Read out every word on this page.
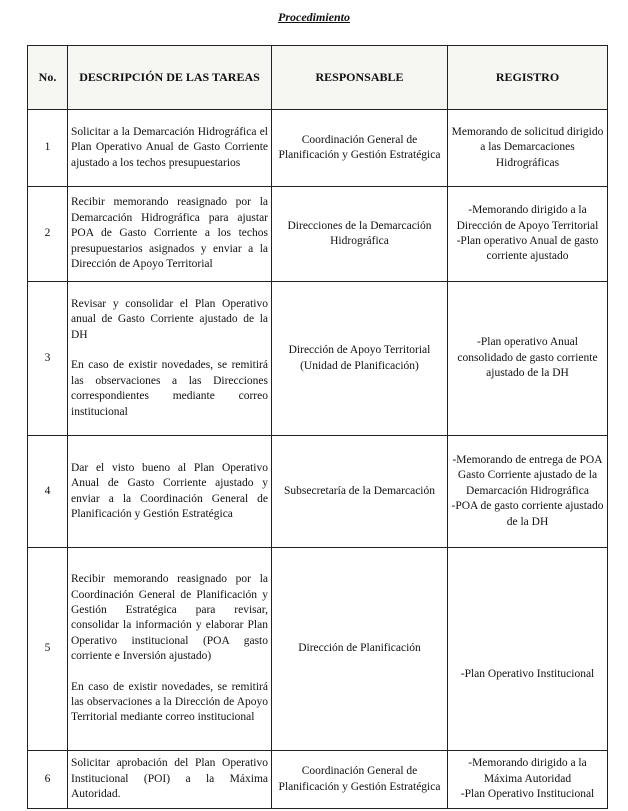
Procedimiento
No.	DESCRIPCIÓN DE LAS TAREAS	RESPONSABLE	REGISTRO
1	Solicitar a la Demarcación Hidrográfica el Plan Operativo Anual de Gasto Corriente ajustado a los techos presupuestarios	Coordinación General de Planificación y Gestión Estratégica	Memorando de solicitud dirigido a las Demarcaciones Hidrográficas

2	Recibir memorando reasignado por la Demarcación Hidrográfica para ajustar POA de Gasto Corriente a los techos presupuestarios asignados y enviar a la Dirección de Apoyo Territorial	Direcciones de la Demarcación Hidrográfica	-Memorando dirigido a la Dirección de Apoyo Territorial
-Plan operativo Anual de gasto corriente ajustado

3	Revisar y consolidar el Plan Operativo anual de Gasto Corriente ajustado de la DH
En caso de existir novedades, se remitirá las observaciones a las Direcciones correspondientes mediante correo institucional	Dirección de Apoyo Territorial (Unidad de Planificación)	-Plan operativo Anual consolidado de gasto corriente ajustado de la DH

4	Dar el visto bueno al Plan Operativo Anual de Gasto Corriente ajustado y enviar a la Coordinación General de Planificación y Gestión Estratégica	Subsecretaría de la Demarcación	-Memorando de entrega de POA Gasto Corriente ajustado de la Demarcación Hidrográfica
-POA de gasto corriente ajustado de la DH

5	Recibir memorando reasignado por la Coordinación General de Planificación y Gestión Estratégica para revisar, consolidar la información y elaborar Plan Operativo institucional (POA gasto corriente e Inversión ajustado)
En caso de existir novedades, se remitirá las observaciones a la Dirección de Apoyo Territorial mediante correo institucional	Dirección de Planificación	-Plan Operativo Institucional

6	Solicitar aprobación del Plan Operativo Institucional (POI) a la Máxima Autoridad.	Coordinación General de Planificación y Gestión Estratégica	-Memorando dirigido a la Máxima Autoridad
-Plan Operativo Institucional
